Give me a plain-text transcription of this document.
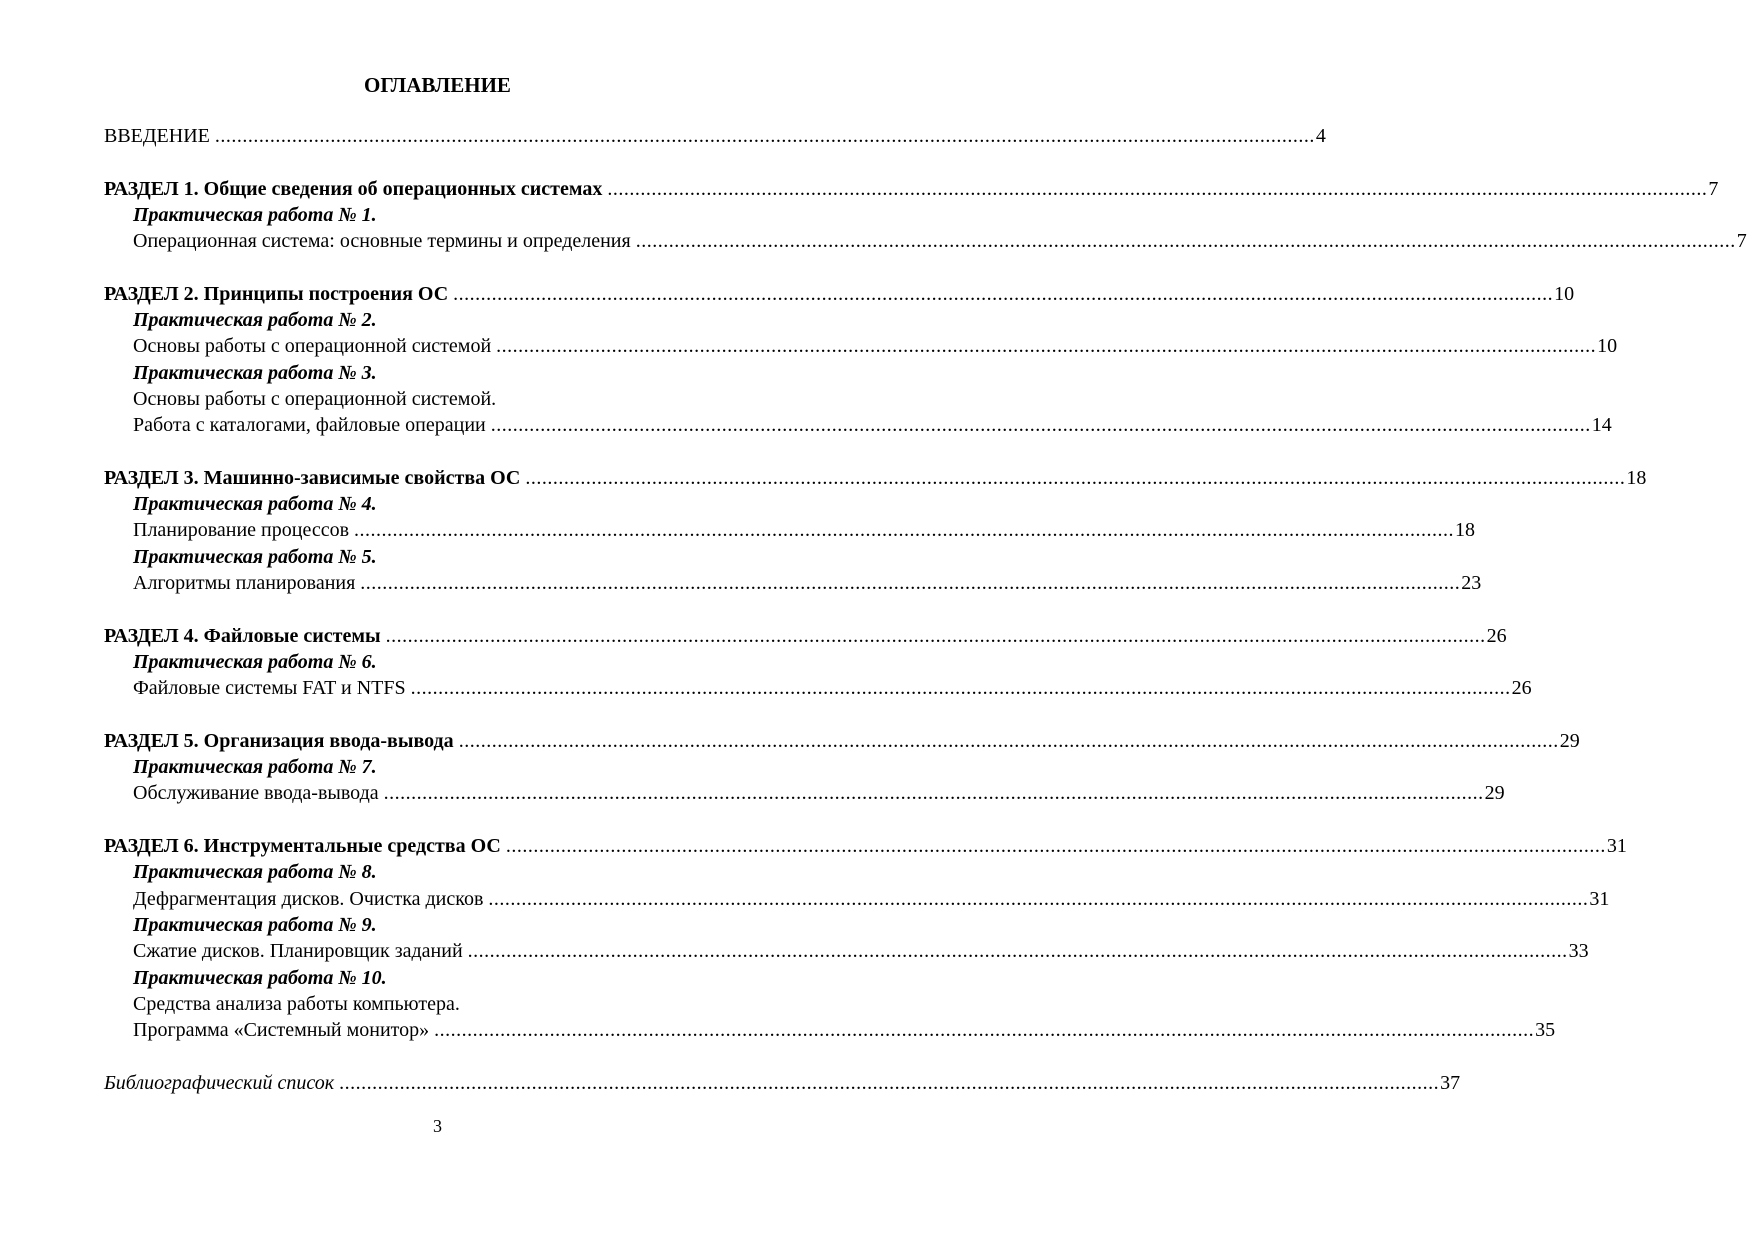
ОГЛАВЛЕНИЕ
ВВЕДЕНИЕ ........................................................................................................................................................................................................ 4
РАЗДЕЛ 1. Общие сведения об операционных системах ........................................................................................................................................................................................................ 7
Практическая работа № 1.
Операционная система: основные термины и определения ........................................................................................................................................................................................................ 7
РАЗДЕЛ 2. Принципы построения ОС ........................................................................................................................................................................................................ 10
Практическая работа № 2.
Основы работы с операционной системой ........................................................................................................................................................................................................ 10
Практическая работа № 3.
Основы работы с операционной системой.
Работа с каталогами, файловые операции ........................................................................................................................................................................................................ 14
РАЗДЕЛ 3. Машинно-зависимые свойства ОС ........................................................................................................................................................................................................ 18
Практическая работа № 4.
Планирование процессов ........................................................................................................................................................................................................ 18
Практическая работа № 5.
Алгоритмы планирования ........................................................................................................................................................................................................ 23
РАЗДЕЛ 4. Файловые системы ........................................................................................................................................................................................................ 26
Практическая работа № 6.
Файловые системы FAT и NTFS ........................................................................................................................................................................................................ 26
РАЗДЕЛ 5. Организация ввода-вывода ........................................................................................................................................................................................................ 29
Практическая работа № 7.
Обслуживание ввода-вывода ........................................................................................................................................................................................................ 29
РАЗДЕЛ 6. Инструментальные средства ОС ........................................................................................................................................................................................................ 31
Практическая работа № 8.
Дефрагментация дисков. Очистка дисков ........................................................................................................................................................................................................ 31
Практическая работа № 9.
Сжатие дисков. Планировщик заданий ........................................................................................................................................................................................................ 33
Практическая работа № 10.
Средства анализа работы компьютера.
Программа «Системный монитор» ........................................................................................................................................................................................................ 35
Библиографический список ........................................................................................................................................................................................................ 37
3
